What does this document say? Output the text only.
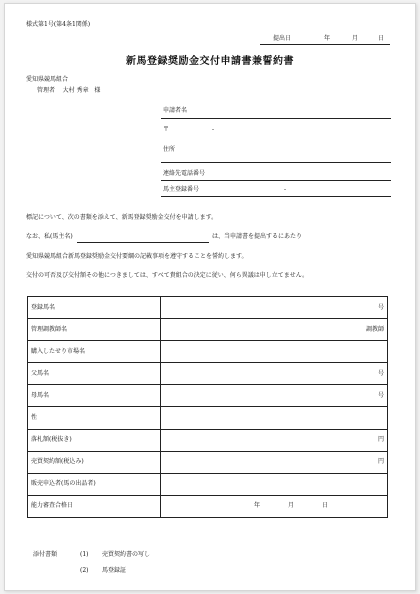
様式第1号(第4条1関係)
提出日	年	月	日
新馬登録奨励金交付申請書兼誓約書
愛知県競馬組合
管理者 大村 秀章 様
申請者名
〒	-
住所
連絡先電話番号
馬主登録番号	-
標記について、次の書類を添えて、新馬登録奨励金交付を申請します。
なお、私(馬主名)	は、当申請書を提出するにあたり
愛知県競馬組合新馬登録奨励金交付要綱の記載事項を遵守することを誓約します。
交付の可否及び交付額その他につきましては、すべて貴組合の決定に従い、何ら異議は申し立てません。
登録馬名	号
管理調教師名	調教師
購入したせり市場名	
父馬名	号
母馬名	号
性	
落札額(税抜き)	円
売買契約額(税込み)	円
販売申込者(馬の出品者)	
能力審査合格日	年 月 日
添付書類	(1) 売買契約書の写し
(2) 馬登録証
